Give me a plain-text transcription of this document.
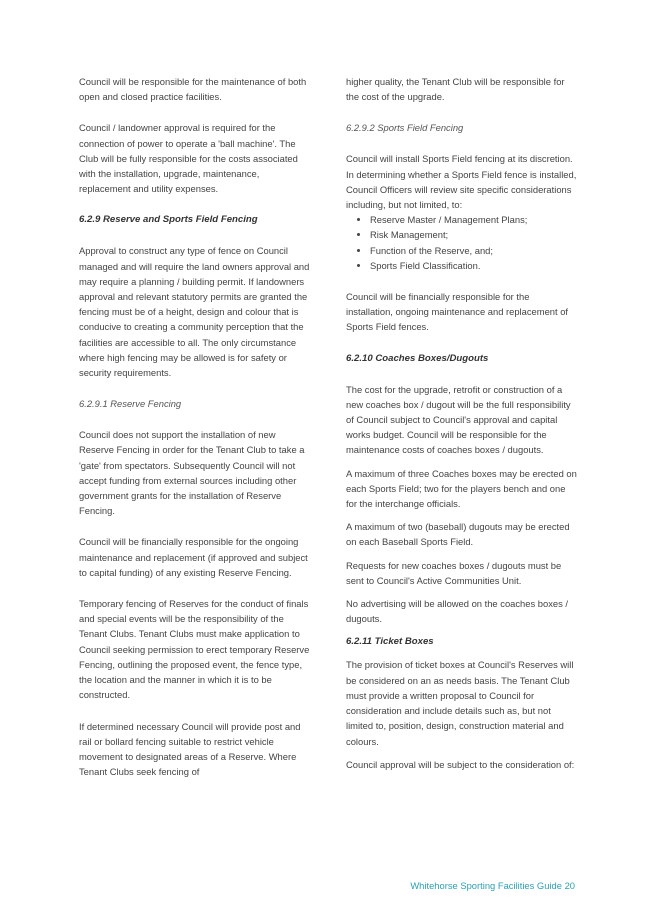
Council will be responsible for the maintenance of both open and closed practice facilities.

Council / landowner approval is required for the connection of power to operate a 'ball machine'. The Club will be fully responsible for the costs associated with the installation, upgrade, maintenance, replacement and utility expenses.

6.2.9 Reserve and Sports Field Fencing

Approval to construct any type of fence on Council managed and will require the land owners approval and may require a planning / building permit. If landowners approval and relevant statutory permits are granted the fencing must be of a height, design and colour that is conducive to creating a community perception that the facilities are accessible to all. The only circumstance where high fencing may be allowed is for safety or security requirements.

6.2.9.1 Reserve Fencing

Council does not support the installation of new Reserve Fencing in order for the Tenant Club to take a 'gate' from spectators. Subsequently Council will not accept funding from external sources including other government grants for the installation of Reserve Fencing.

Council will be financially responsible for the ongoing maintenance and replacement (if approved and subject to capital funding) of any existing Reserve Fencing.

Temporary fencing of Reserves for the conduct of finals and special events will be the responsibility of the Tenant Clubs. Tenant Clubs must make application to Council seeking permission to erect temporary Reserve Fencing, outlining the proposed event, the fence type, the location and the manner in which it is to be constructed.

If determined necessary Council will provide post and rail or bollard fencing suitable to restrict vehicle movement to designated areas of a Reserve. Where Tenant Clubs seek fencing of

higher quality, the Tenant Club will be responsible for the cost of the upgrade.

6.2.9.2 Sports Field Fencing

Council will install Sports Field fencing at its discretion. In determining whether a Sports Field fence is installed, Council Officers will review site specific considerations including, but not limited, to:

• Reserve Master / Management Plans;
• Risk Management;
• Function of the Reserve, and;
• Sports Field Classification.

Council will be financially responsible for the installation, ongoing maintenance and replacement of Sports Field fences.

6.2.10 Coaches Boxes/Dugouts

The cost for the upgrade, retrofit or construction of a new coaches box / dugout will be the full responsibility of Council subject to Council's approval and capital works budget. Council will be responsible for the maintenance costs of coaches boxes / dugouts.

A maximum of three Coaches boxes may be erected on each Sports Field; two for the players bench and one for the interchange officials.

A maximum of two (baseball) dugouts may be erected on each Baseball Sports Field.

Requests for new coaches boxes / dugouts must be sent to Council's Active Communities Unit.

No advertising will be allowed on the coaches boxes / dugouts.

6.2.11 Ticket Boxes

The provision of ticket boxes at Council's Reserves will be considered on an as needs basis. The Tenant Club must provide a written proposal to Council for consideration and include details such as, but not limited to, position, design, construction material and colours.

Council approval will be subject to the consideration of:

Whitehorse Sporting Facilities Guide 20
